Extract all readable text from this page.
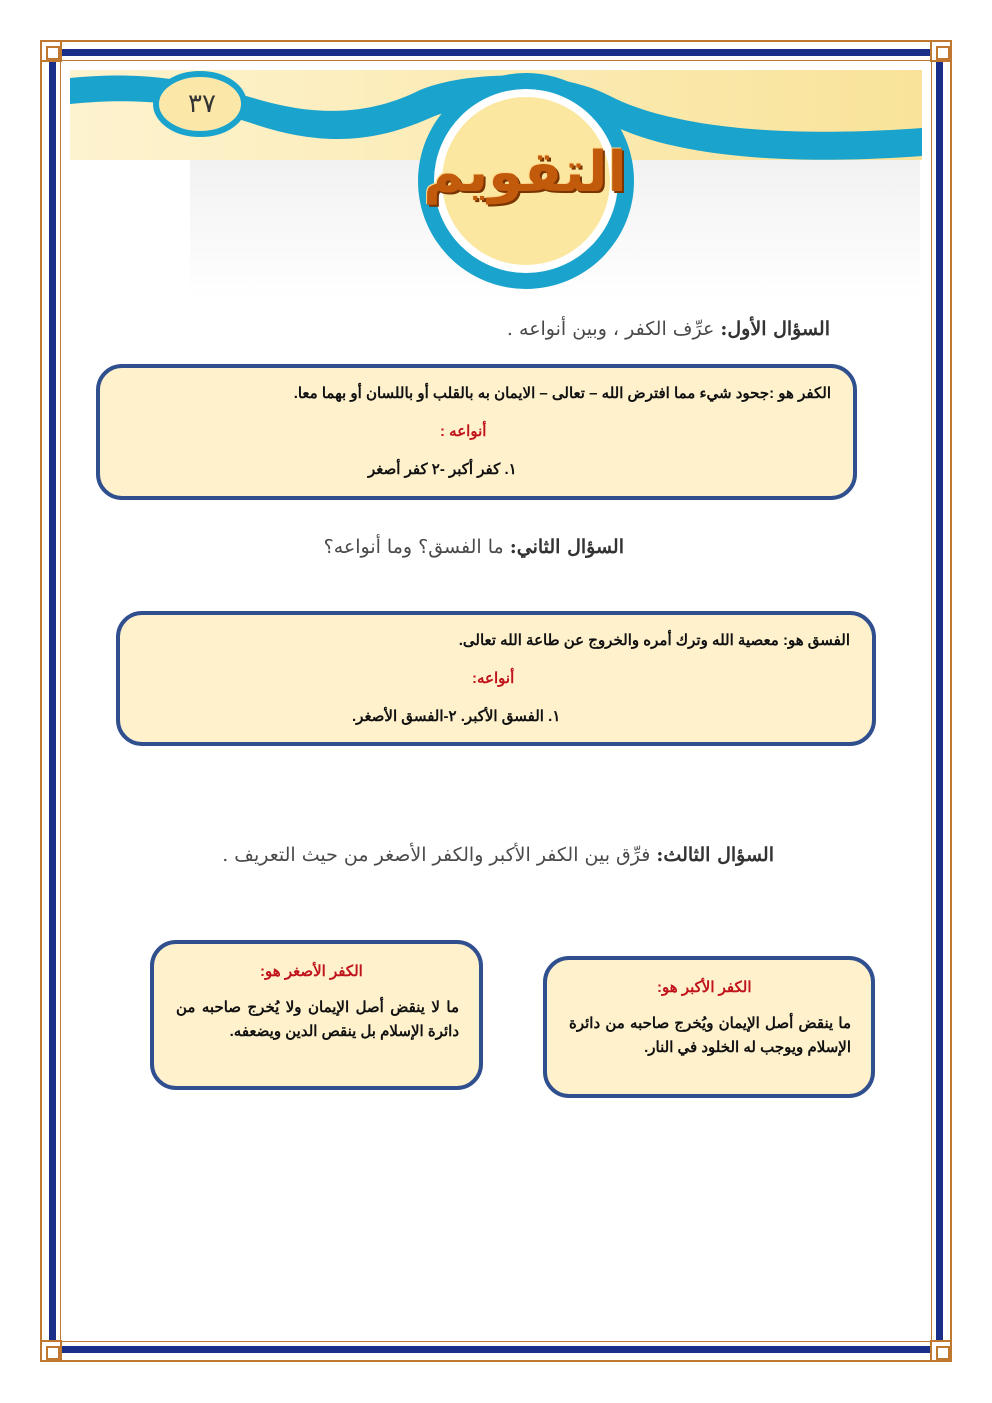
٣٧
التقويم
السؤال الأول: عرِّف الكفر ، وبين أنواعه .
الكفر هو :جحود شيء مما افترض الله – تعالى – الايمان به بالقلب أو باللسان أو بهما معا.
أنواعه :
١. كفر أكبر -٢ كفر أصغر
السؤال الثاني: ما الفسق؟ وما أنواعه؟
الفسق هو: معصية الله وترك أمره والخروج عن طاعة الله تعالى.
أنواعه:
١. الفسق الأكبر. ٢-الفسق الأصغر.
السؤال الثالث: فرِّق بين الكفر الأكبر والكفر الأصغر من حيث التعريف .
الكفر الأكبر هو:
ما ينقض أصل الإيمان ويُخرج صاحبه من دائرة الإسلام ويوجب له الخلود في النار.
الكفر الأصغر هو:
ما لا ينقض أصل الإيمان ولا يُخرج صاحبه من دائرة الإسلام بل ينقص الدين ويضعفه.
